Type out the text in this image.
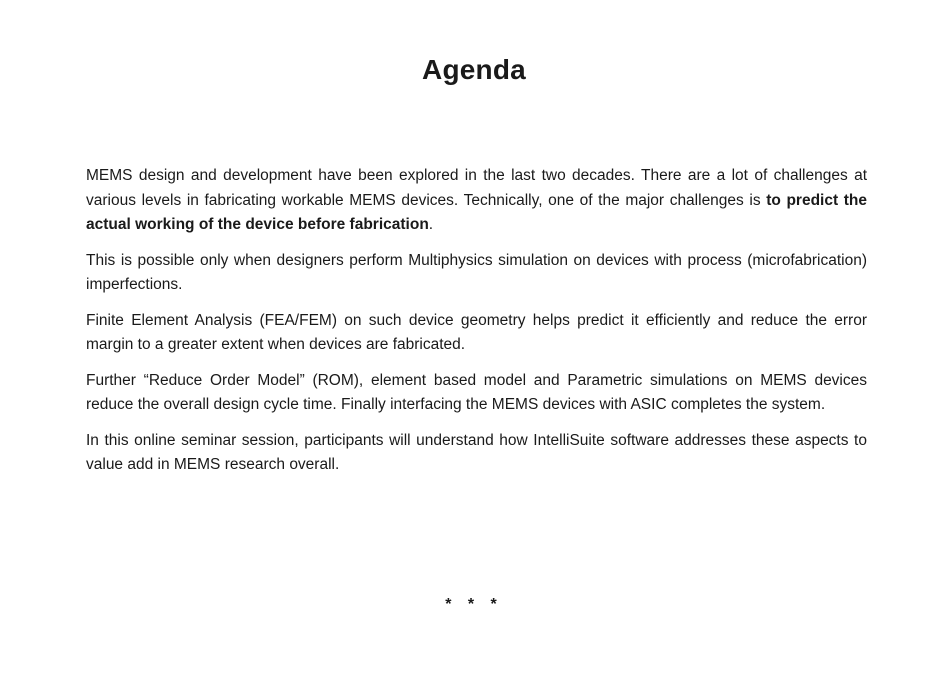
Agenda

MEMS design and development have been explored in the last two decades. There are a lot of challenges at various levels in fabricating workable MEMS devices. Technically, one of the major challenges is to predict the actual working of the device before fabrication.

This is possible only when designers perform Multiphysics simulation on devices with process (microfabrication) imperfections.

Finite Element Analysis (FEA/FEM) on such device geometry helps predict it efficiently and reduce the error margin to a greater extent when devices are fabricated.

Further “Reduce Order Model” (ROM), element based model and Parametric simulations on MEMS devices reduce the overall design cycle time. Finally interfacing the MEMS devices with ASIC completes the system.

In this online seminar session, participants will understand how IntelliSuite software addresses these aspects to value add in MEMS research overall.

* * *
